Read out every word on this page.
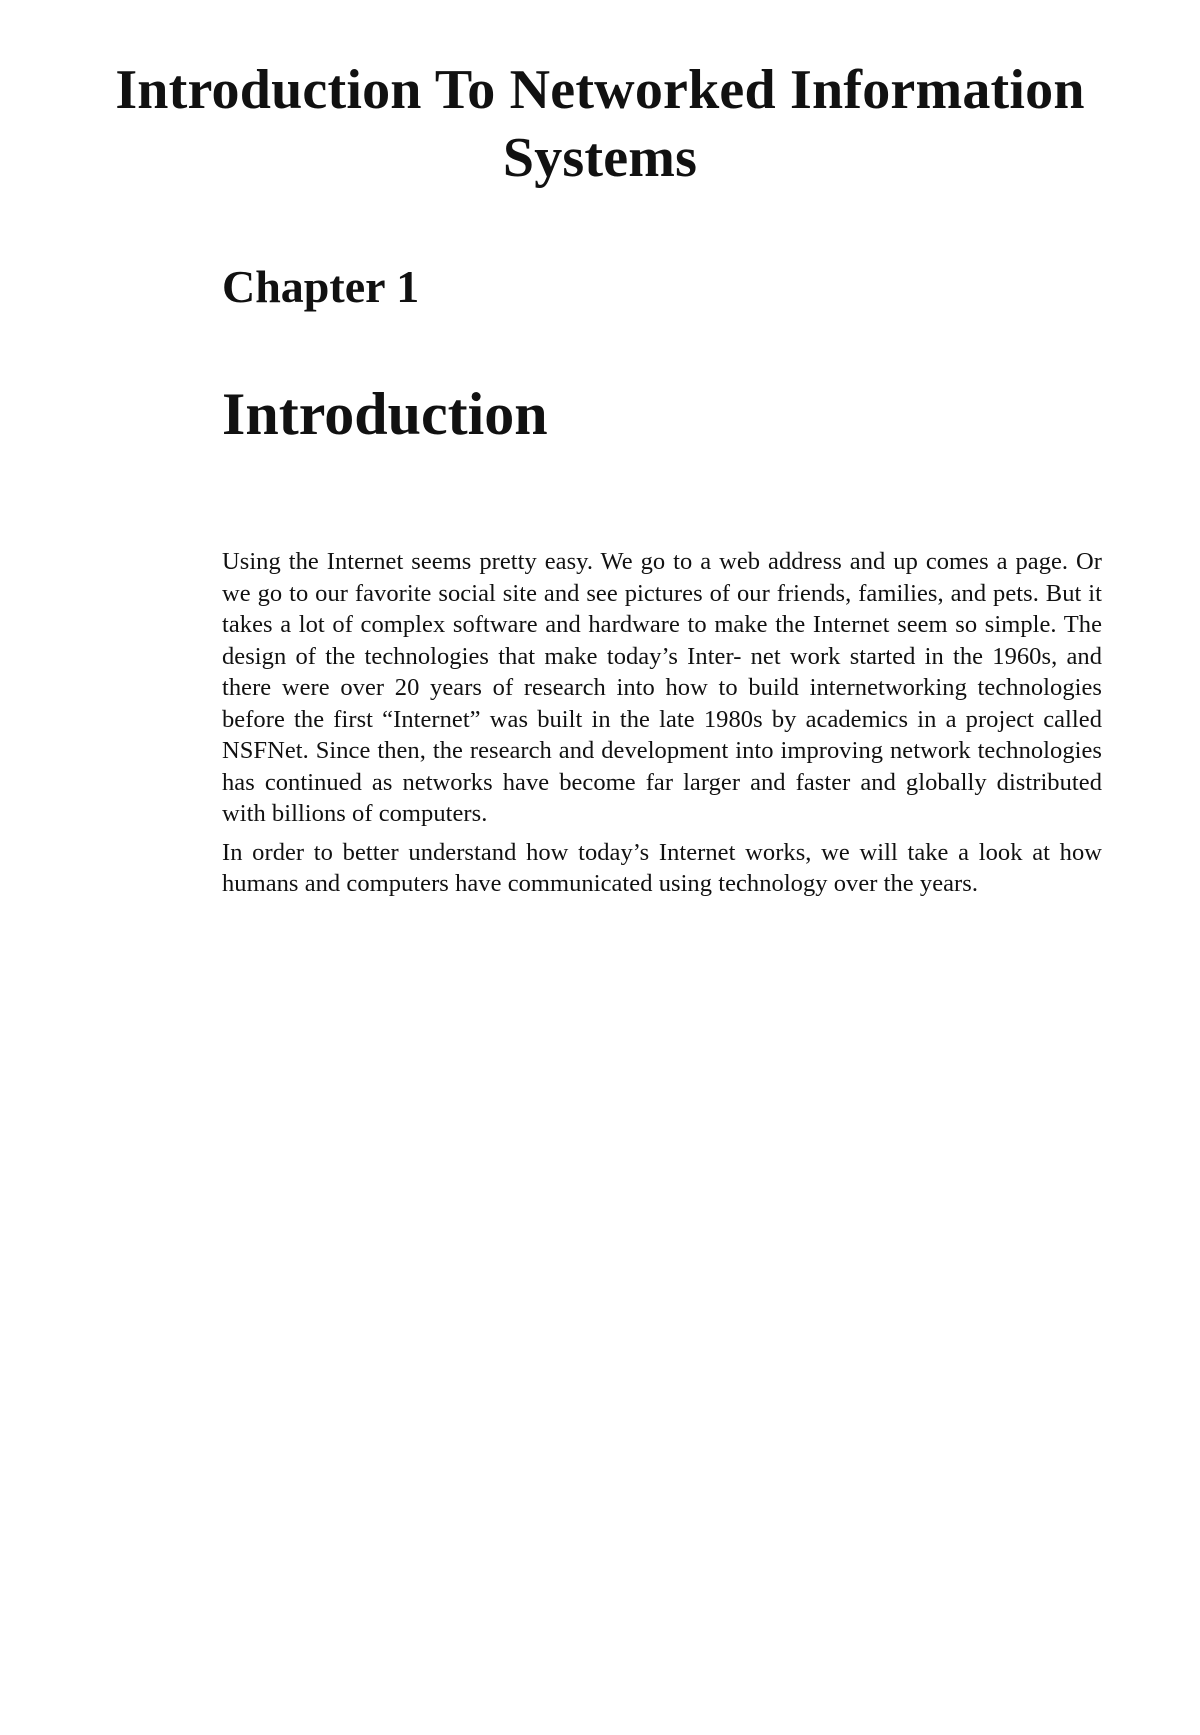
Introduction To Networked Information Systems
Chapter 1
Introduction

Using the Internet seems pretty easy. We go to a web address and up comes a page. Or we go to our favorite social site and see pictures of our friends, families, and pets. But it takes a lot of complex software and hardware to make the Internet seem so simple. The design of the technologies that make today’s Inter- net work started in the 1960s, and there were over 20 years of research into how to build internetworking technologies before the first “Internet” was built in the late 1980s by academics in a project called NSFNet. Since then, the research and development into improving network technologies has continued as networks have become far larger and faster and globally distributed with billions of computers.

In order to better understand how today’s Internet works, we will take a look at how humans and computers have communicated using technology over the years.
